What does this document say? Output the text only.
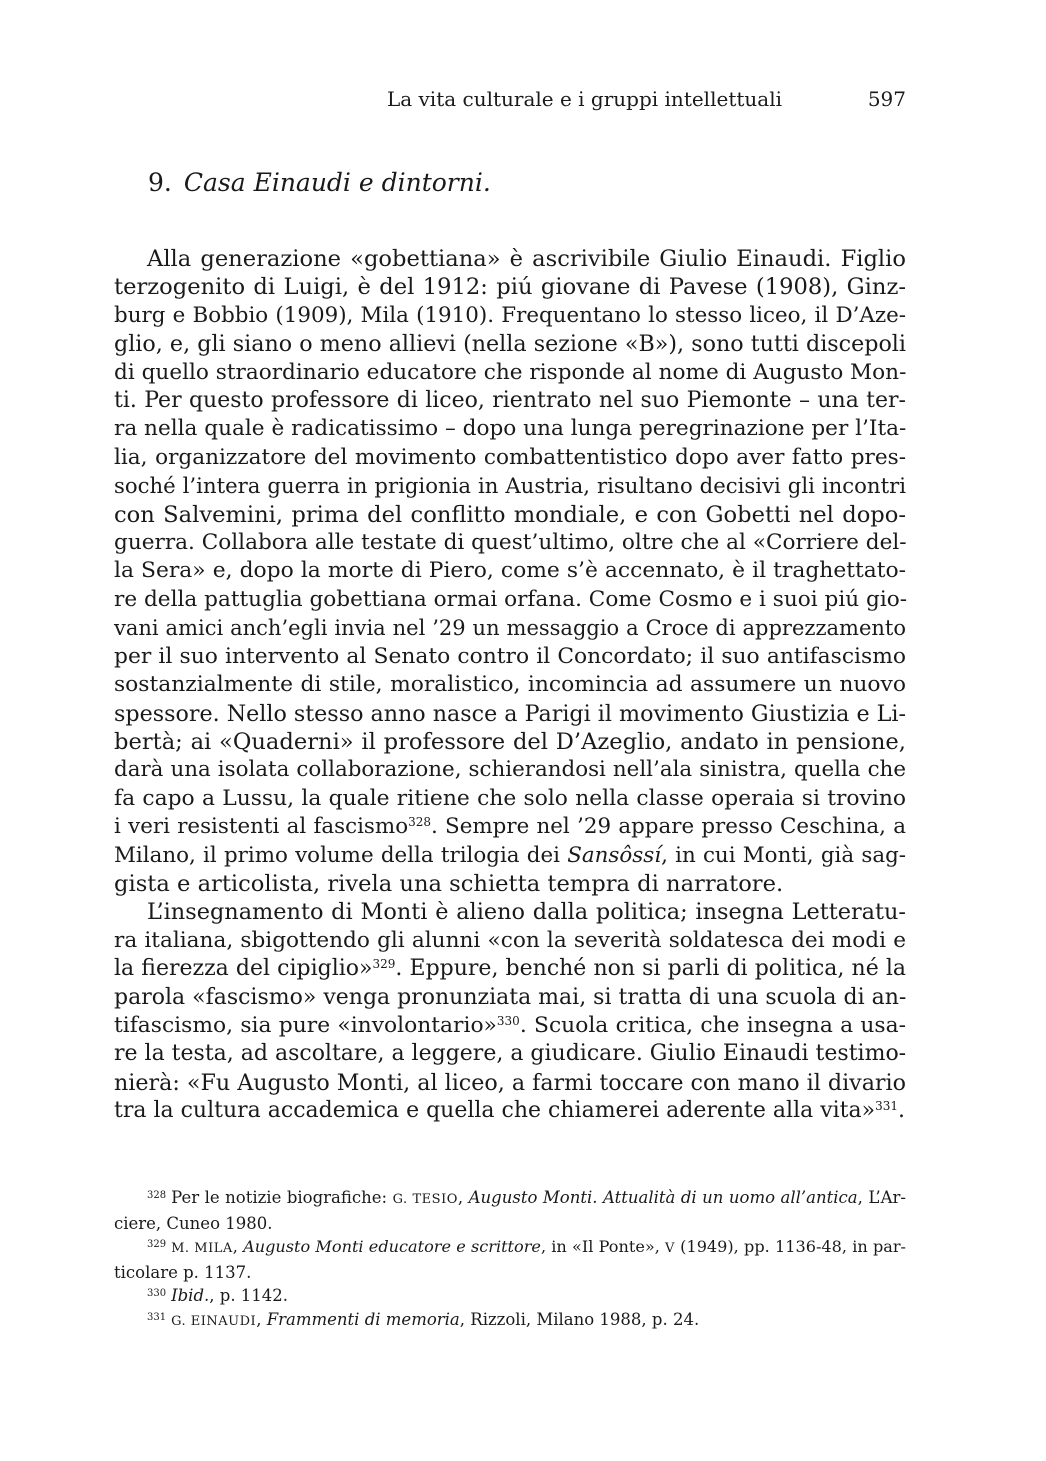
La vita culturale e i gruppi intellettuali	597
9. Casa Einaudi e dintorni.
Alla generazione «gobettiana» è ascrivibile Giulio Einaudi. Figlio
terzogenito di Luigi, è del 1912: piú giovane di Pavese (1908), Ginz-
burg e Bobbio (1909), Mila (1910). Frequentano lo stesso liceo, il D’Aze-
glio, e, gli siano o meno allievi (nella sezione «B»), sono tutti discepoli
di quello straordinario educatore che risponde al nome di Augusto Mon-
ti. Per questo professore di liceo, rientrato nel suo Piemonte – una ter-
ra nella quale è radicatissimo – dopo una lunga peregrinazione per l’Ita-
lia, organizzatore del movimento combattentistico dopo aver fatto pres-
soché l’intera guerra in prigionia in Austria, risultano decisivi gli incontri
con Salvemini, prima del conflitto mondiale, e con Gobetti nel dopo-
guerra. Collabora alle testate di quest’ultimo, oltre che al «Corriere del-
la Sera» e, dopo la morte di Piero, come s’è accennato, è il traghettato-
re della pattuglia gobettiana ormai orfana. Come Cosmo e i suoi piú gio-
vani amici anch’egli invia nel ’29 un messaggio a Croce di apprezzamento
per il suo intervento al Senato contro il Concordato; il suo antifascismo
sostanzialmente di stile, moralistico, incomincia ad assumere un nuovo
spessore. Nello stesso anno nasce a Parigi il movimento Giustizia e Li-
bertà; ai «Quaderni» il professore del D’Azeglio, andato in pensione,
darà una isolata collaborazione, schierandosi nell’ala sinistra, quella che
fa capo a Lussu, la quale ritiene che solo nella classe operaia si trovino
i veri resistenti al fascismo$^{328}$. Sempre nel ’29 appare presso Ceschina, a
Milano, il primo volume della trilogia dei Sansôssí, in cui Monti, già sag-
gista e articolista, rivela una schietta tempra di narratore.
L’insegnamento di Monti è alieno dalla politica; insegna Letteratu-
ra italiana, sbigottendo gli alunni «con la severità soldatesca dei modi e
la fierezza del cipiglio»$^{329}$. Eppure, benché non si parli di politica, né la
parola «fascismo» venga pronunziata mai, si tratta di una scuola di an-
tifascismo, sia pure «involontario»$^{330}$. Scuola critica, che insegna a usa-
re la testa, ad ascoltare, a leggere, a giudicare. Giulio Einaudi testimo-
nierà: «Fu Augusto Monti, al liceo, a farmi toccare con mano il divario
tra la cultura accademica e quella che chiamerei aderente alla vita»$^{331}$.
$^{328}$ Per le notizie biografiche: G. TESIO, Augusto Monti. Attualità di un uomo all’antica, L’Ar-
ciere, Cuneo 1980.
$^{329}$ M. MILA, Augusto Monti educatore e scrittore, in «Il Ponte», V (1949), pp. 1136-48, in par-
ticolare p. 1137.
$^{330}$ Ibid., p. 1142.
$^{331}$ G. EINAUDI, Frammenti di memoria, Rizzoli, Milano 1988, p. 24.
